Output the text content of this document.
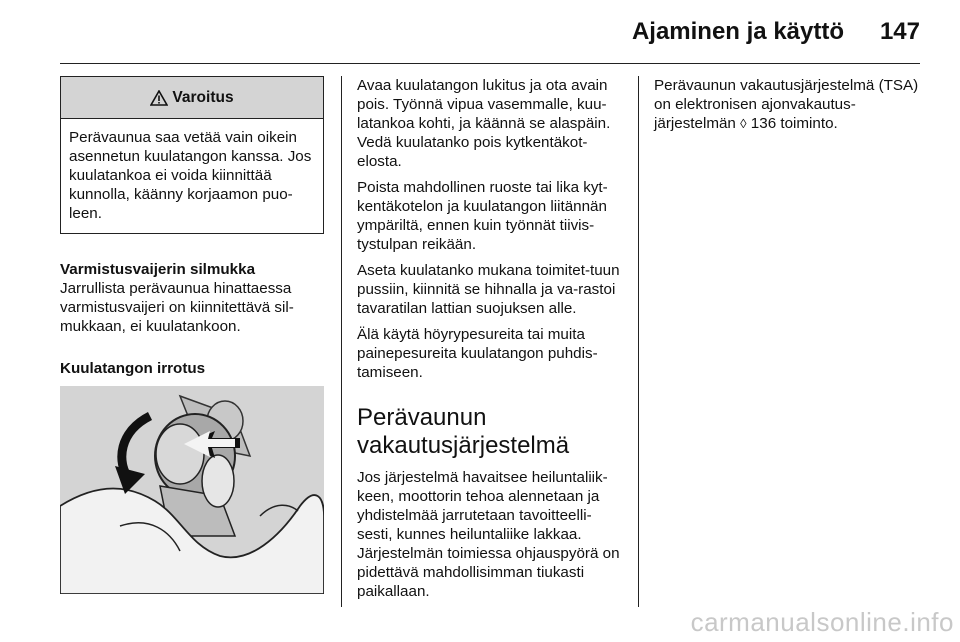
Ajaminen ja käyttö 147
Varoitus
Perävaunua saa vetää vain oikein asennetun kuulatangon kanssa. Jos kuulatankoa ei voida kiinnittää kunnolla, käänny korjaamon puo-leen.
Varmistusvaijerin silmukka
Jarrullista perävaunua hinattaessa varmistusvaijeri on kiinnitettävä sil-mukkaan, ei kuulatankoon.
Kuulatangon irrotus
Avaa kuulatangon lukitus ja ota avain pois. Työnnä vipua vasemmalle, kuu-latankoa kohti, ja käännä se alaspäin. Vedä kuulatanko pois kytkentäkot-elosta.
Poista mahdollinen ruoste tai lika kyt-kentäkotelon ja kuulatangon liitännän ympäriltä, ennen kuin työnnät tiivis-tystulpan reikään.
Aseta kuulatanko mukana toimitet-tuun pussiin, kiinnitä se hihnalla ja va-rastoi tavaratilan lattian suojuksen alle.
Älä käytä höyrypesureita tai muita painepesureita kuulatangon puhdis-tamiseen.
Perävaunun vakautusjärjestelmä
Jos järjestelmä havaitsee heiluntaliik-keen, moottorin tehoa alennetaan ja yhdistelmää jarrutetaan tavoitteelli-sesti, kunnes heiluntaliike lakkaa. Järjestelmän toimiessa ohjauspyörä on pidettävä mahdollisimman tiukasti paikallaan.
Perävaunun vakautusjärjestelmä (TSA) on elektronisen ajonvakautus-järjestelmän ◊ 136 toiminto.
carmanualsonline.info
